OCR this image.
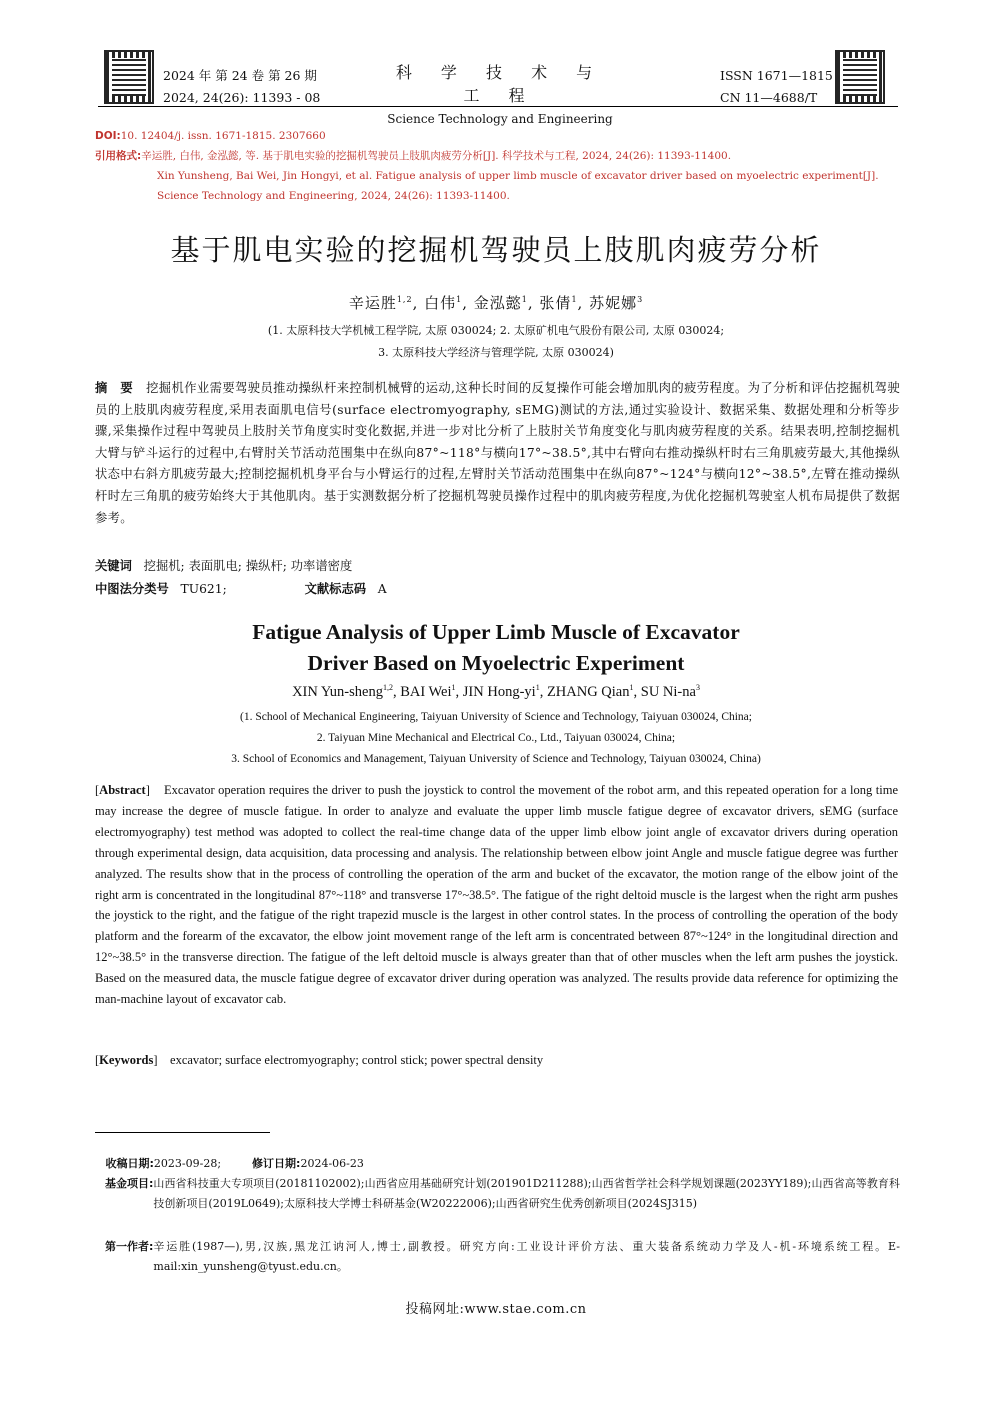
2024 年 第 24 卷 第 26 期
2024, 24(26): 11393 - 08
科 学 技 术 与 工 程
Science Technology and Engineering
ISSN 1671—1815
CN 11—4688/T
DOI:10. 12404/j. issn. 1671-1815. 2307660
引用格式:辛运胜, 白伟, 金泓懿, 等. 基于肌电实验的挖掘机驾驶员上肢肌肉疲劳分析[J]. 科学技术与工程, 2024, 24(26): 11393-11400.
Xin Yunsheng, Bai Wei, Jin Hongyi, et al. Fatigue analysis of upper limb muscle of excavator driver based on myoelectric experiment[J].
Science Technology and Engineering, 2024, 24(26): 11393-11400.
基于肌电实验的挖掘机驾驶员上肢肌肉疲劳分析
辛运胜$^{1,2}$, 白伟$^1$, 金泓懿$^1$, 张倩$^1$, 苏妮娜$^3$
(1. 太原科技大学机械工程学院, 太原 030024; 2. 太原矿机电气股份有限公司, 太原 030024;
3. 太原科技大学经济与管理学院, 太原 030024)
摘　要 挖掘机作业需要驾驶员推动操纵杆来控制机械臂的运动,这种长时间的反复操作可能会增加肌肉的疲劳程度。为了分析和评估挖掘机驾驶员的上肢肌肉疲劳程度,采用表面肌电信号(surface electromyography, sEMG)测试的方法,通过实验设计、数据采集、数据处理和分析等步骤,采集操作过程中驾驶员上肢肘关节角度实时变化数据,并进一步对比分析了上肢肘关节角度变化与肌肉疲劳程度的关系。结果表明,控制挖掘机大臂与铲斗运行的过程中,右臂肘关节活动范围集中在纵向87°~118°与横向17°~38.5°,其中右臂向右推动操纵杆时右三角肌疲劳最大,其他操纵状态中右斜方肌疲劳最大;控制挖掘机机身平台与小臂运行的过程,左臂肘关节活动范围集中在纵向87°~124°与横向12°~38.5°,左臂在推动操纵杆时左三角肌的疲劳始终大于其他肌肉。基于实测数据分析了挖掘机驾驶员操作过程中的肌肉疲劳程度,为优化挖掘机驾驶室人机布局提供了数据参考。
关键词 挖掘机; 表面肌电; 操纵杆; 功率谱密度
中图法分类号 TU621;	文献标志码 A
Fatigue Analysis of Upper Limb Muscle of Excavator
Driver Based on Myoelectric Experiment
XIN Yun-sheng$^{1,2}$, BAI Wei$^1$, JIN Hong-$yi^1$, ZHANG Qian$^1$, SU $Ni-na^3$
(1. School of Mechanical Engineering, Taiyuan University of Science and Technology, Taiyuan 030024, China;
2. Taiyuan Mine Mechanical and Electrical Co., Ltd., Taiyuan 030024, China;
3. School of Economics and Management, Taiyuan University of Science and Technology, Taiyuan 030024, China)
[Abstract]    Excavator operation requires the driver to push the joystick to control the movement of the robot arm, and this repeated operation for a long time may increase the degree of muscle fatigue. In order to analyze and evaluate the upper limb muscle fatigue degree of excavator drivers, sEMG (surface electromyography) test method was adopted to collect the real-time change data of the upper limb elbow joint angle of excavator drivers during operation through experimental design, data acquisition, data processing and analysis. The relationship between elbow joint Angle and muscle fatigue degree was further analyzed. The results show that in the process of controlling the operation of the arm and bucket of the excavator, the motion range of the elbow joint of the right arm is concentrated in the longitudinal 87°~118° and transverse 17°~38.5°. The fatigue of the right deltoid muscle is the largest when the right arm pushes the joystick to the right, and the fatigue of the right trapezid muscle is the largest in other control states. In the process of controlling the operation of the body platform and the forearm of the excavator, the elbow joint movement range of the left arm is concentrated between 87°~124° in the longitudinal direction and 12°~38.5° in the transverse direction. The fatigue of the left deltoid muscle is always greater than that of other muscles when the left arm pushes the joystick. Based on the measured data, the muscle fatigue degree of excavator driver during operation was analyzed. The results provide data reference for optimizing the man-machine layout of excavator cab.
[Keywords]    excavator; surface electromyography; control stick; power spectral density
收稿日期:2023-09-28;	修订日期:2024-06-23
基金项目: 山西省科技重大专项项目(20181102002);山西省应用基础研究计划(201901D211288);山西省哲学社会科学规划课题(2023YY189);山西省高等教育科技创新项目(2019L0649);太原科技大学博士科研基金(W20222006);山西省研究生优秀创新项目(2024SJ315)
第一作者: 辛运胜(1987—),男,汉族,黑龙江讷河人,博士,副教授。研究方向:工业设计评价方法、重大装备系统动力学及人-机-环境系统工程。E-mail:xin_yunsheng@tyust.edu.cn。
投稿网址:www.stae.com.cn
